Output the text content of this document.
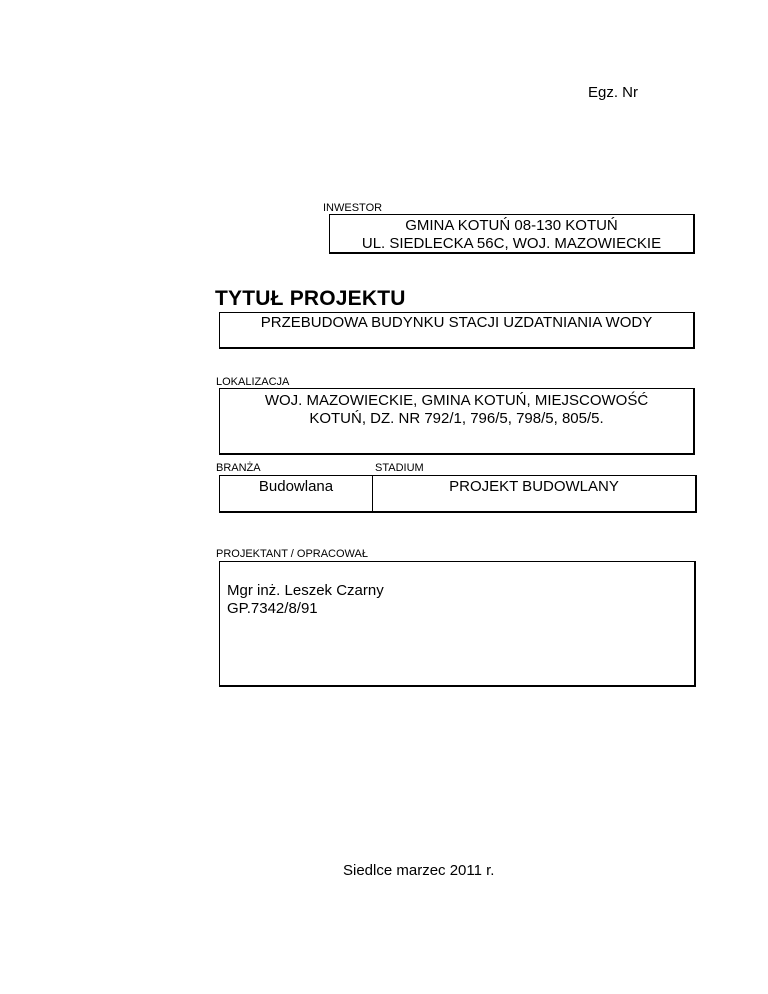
Egz. Nr
INWESTOR
GMINA KOTUŃ 08-130 KOTUŃ
UL. SIEDLECKA 56C, WOJ. MAZOWIECKIE
TYTUŁ PROJEKTU
PRZEBUDOWA BUDYNKU STACJI UZDATNIANIA WODY
LOKALIZACJA
WOJ. MAZOWIECKIE, GMINA KOTUŃ, MIEJSCOWOŚĆ
KOTUŃ, DZ. NR 792/1, 796/5, 798/5, 805/5.
BRANŻA	STADIUM
Budowlana	PROJEKT BUDOWLANY
PROJEKTANT / OPRACOWAŁ
Mgr inż. Leszek Czarny
GP.7342/8/91
Siedlce marzec 2011 r.
